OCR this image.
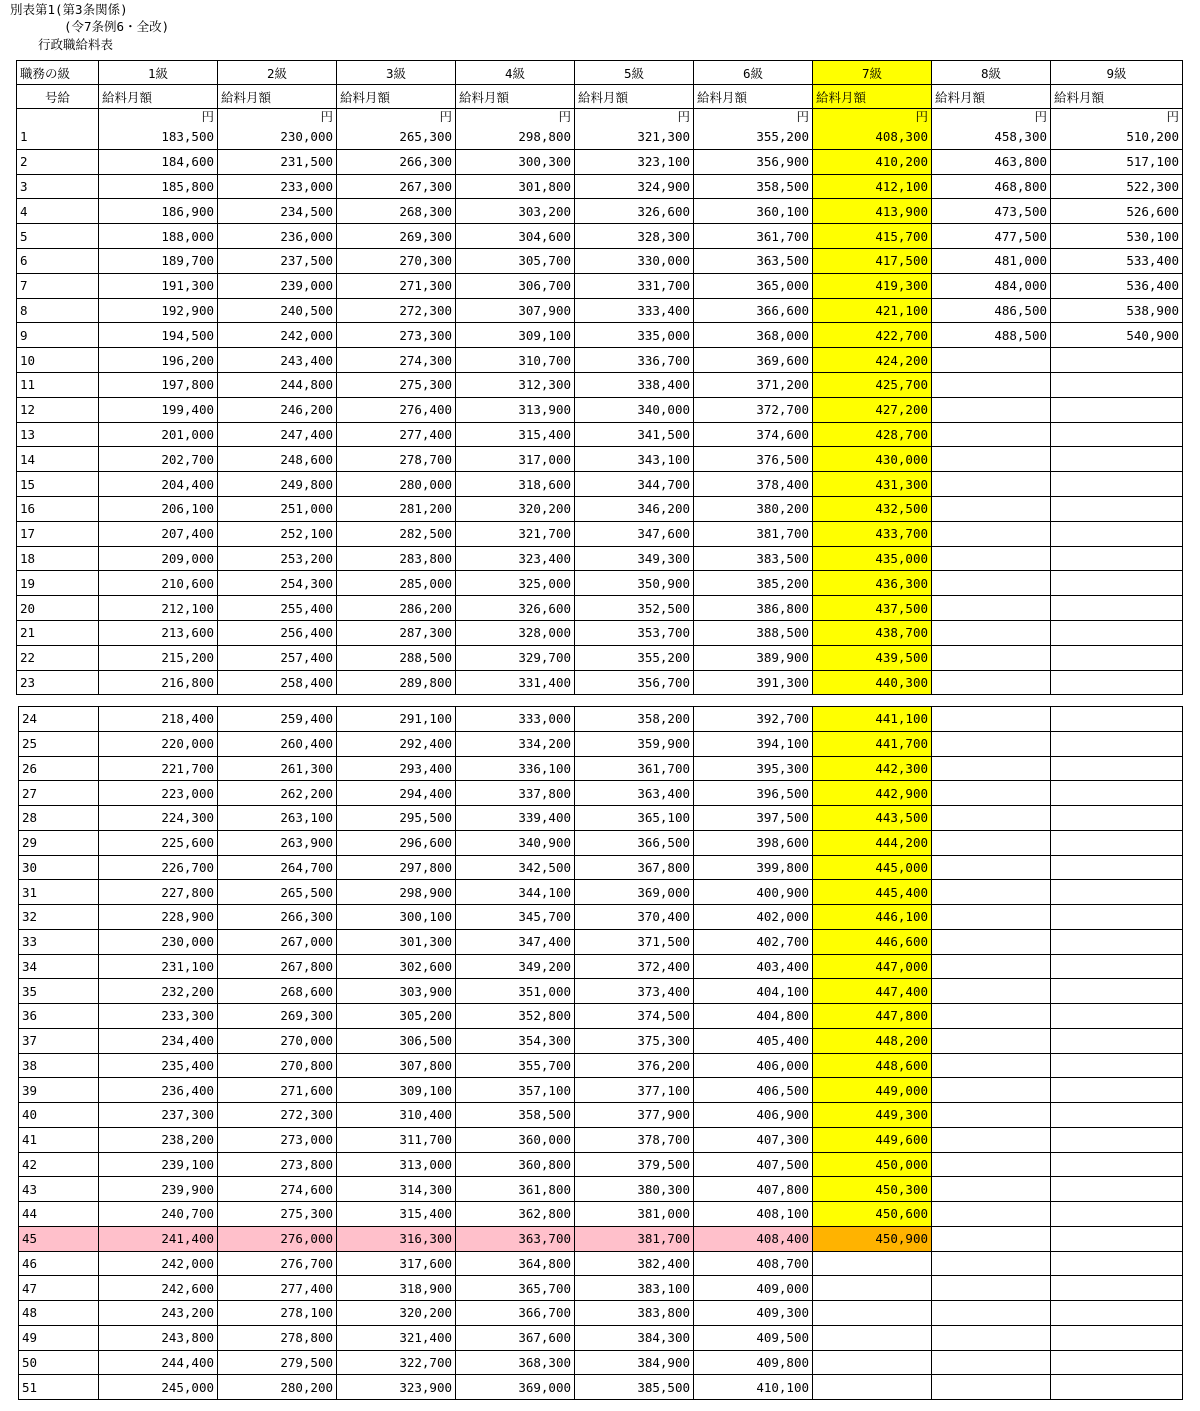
別表第1(第3条関係)
(令7条例6・全改)
行政職給料表
職務の級	1級	2級	3級	4級	5級	6級	7級	8級	9級
号給	給料月額	給料月額	給料月額	給料月額	給料月額	給料月額	給料月額	給料月額	給料月額
	円	円	円	円	円	円	円	円	円
1	183,500	230,000	265,300	298,800	321,300	355,200	408,300	458,300	510,200
2	184,600	231,500	266,300	300,300	323,100	356,900	410,200	463,800	517,100
3	185,800	233,000	267,300	301,800	324,900	358,500	412,100	468,800	522,300
4	186,900	234,500	268,300	303,200	326,600	360,100	413,900	473,500	526,600
5	188,000	236,000	269,300	304,600	328,300	361,700	415,700	477,500	530,100
6	189,700	237,500	270,300	305,700	330,000	363,500	417,500	481,000	533,400
7	191,300	239,000	271,300	306,700	331,700	365,000	419,300	484,000	536,400
8	192,900	240,500	272,300	307,900	333,400	366,600	421,100	486,500	538,900
9	194,500	242,000	273,300	309,100	335,000	368,000	422,700	488,500	540,900
10	196,200	243,400	274,300	310,700	336,700	369,600	424,200		
11	197,800	244,800	275,300	312,300	338,400	371,200	425,700		
12	199,400	246,200	276,400	313,900	340,000	372,700	427,200		
13	201,000	247,400	277,400	315,400	341,500	374,600	428,700		
14	202,700	248,600	278,700	317,000	343,100	376,500	430,000		
15	204,400	249,800	280,000	318,600	344,700	378,400	431,300		
16	206,100	251,000	281,200	320,200	346,200	380,200	432,500		
17	207,400	252,100	282,500	321,700	347,600	381,700	433,700		
18	209,000	253,200	283,800	323,400	349,300	383,500	435,000		
19	210,600	254,300	285,000	325,000	350,900	385,200	436,300		
20	212,100	255,400	286,200	326,600	352,500	386,800	437,500		
21	213,600	256,400	287,300	328,000	353,700	388,500	438,700		
22	215,200	257,400	288,500	329,700	355,200	389,900	439,500		
23	216,800	258,400	289,800	331,400	356,700	391,300	440,300		
24	218,400	259,400	291,100	333,000	358,200	392,700	441,100		
25	220,000	260,400	292,400	334,200	359,900	394,100	441,700		
26	221,700	261,300	293,400	336,100	361,700	395,300	442,300		
27	223,000	262,200	294,400	337,800	363,400	396,500	442,900		
28	224,300	263,100	295,500	339,400	365,100	397,500	443,500		
29	225,600	263,900	296,600	340,900	366,500	398,600	444,200		
30	226,700	264,700	297,800	342,500	367,800	399,800	445,000		
31	227,800	265,500	298,900	344,100	369,000	400,900	445,400		
32	228,900	266,300	300,100	345,700	370,400	402,000	446,100		
33	230,000	267,000	301,300	347,400	371,500	402,700	446,600		
34	231,100	267,800	302,600	349,200	372,400	403,400	447,000		
35	232,200	268,600	303,900	351,000	373,400	404,100	447,400		
36	233,300	269,300	305,200	352,800	374,500	404,800	447,800		
37	234,400	270,000	306,500	354,300	375,300	405,400	448,200		
38	235,400	270,800	307,800	355,700	376,200	406,000	448,600		
39	236,400	271,600	309,100	357,100	377,100	406,500	449,000		
40	237,300	272,300	310,400	358,500	377,900	406,900	449,300		
41	238,200	273,000	311,700	360,000	378,700	407,300	449,600		
42	239,100	273,800	313,000	360,800	379,500	407,500	450,000		
43	239,900	274,600	314,300	361,800	380,300	407,800	450,300		
44	240,700	275,300	315,400	362,800	381,000	408,100	450,600		
45	241,400	276,000	316,300	363,700	381,700	408,400	450,900		
46	242,000	276,700	317,600	364,800	382,400	408,700			
47	242,600	277,400	318,900	365,700	383,100	409,000			
48	243,200	278,100	320,200	366,700	383,800	409,300			
49	243,800	278,800	321,400	367,600	384,300	409,500			
50	244,400	279,500	322,700	368,300	384,900	409,800			
51	245,000	280,200	323,900	369,000	385,500	410,100			
